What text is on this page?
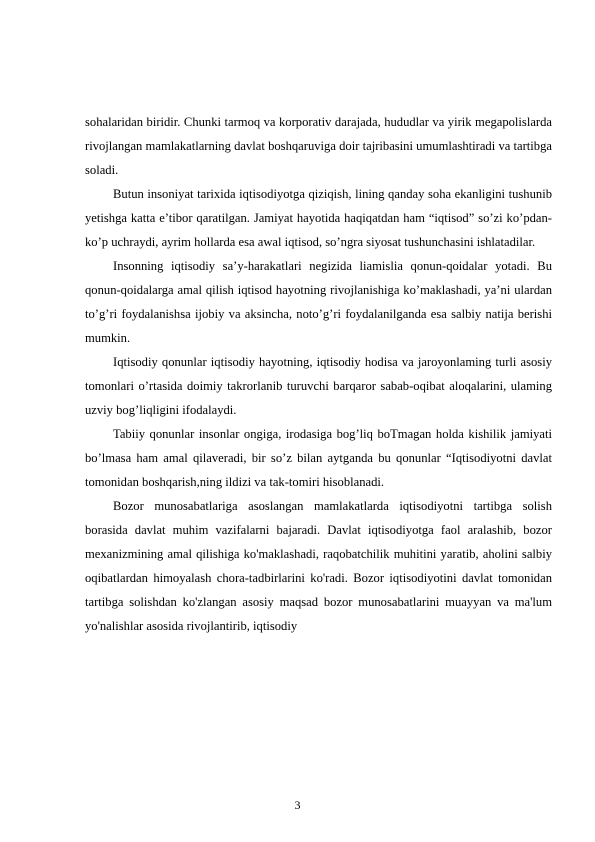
sohalaridan biridir. Chunki tarmoq va korporativ darajada, hududlar va yirik megapolislarda rivojlangan mamlakatlarning davlat boshqaruviga doir tajribasini umumlashtiradi va tartibga soladi.

Butun insoniyat tarixida iqtisodiyotga qiziqish, lining qanday soha ekanligini tushunib yetishga katta e’tibor qaratilgan. Jamiyat hayotida haqiqatdan ham “iqtisod” so’zi ko’pdan-ko’p uchraydi, ayrim hollarda esa awal iqtisod, so’ngra siyosat tushunchasini ishlatadilar.

Insonning iqtisodiy sa’y-harakatlari negizida liamislia qonun-qoidalar yotadi. Bu qonun-qoidalarga amal qilish iqtisod hayotning rivojlanishiga ko’maklashadi, ya’ni ulardan to’g’ri foydalanishsa ijobiy va aksincha, noto’g’ri foydalanilganda esa salbiy natija berishi mumkin.

Iqtisodiy qonunlar iqtisodiy hayotning, iqtisodiy hodisa va jaroyonlaming turli asosiy tomonlari o’rtasida doimiy takrorlanib turuvchi barqaror sabab-oqibat aloqalarini, ulaming uzviy bog’liqligini ifodalaydi.

Tabiiy qonunlar insonlar ongiga, irodasiga bog’liq boTmagan holda kishilik jamiyati bo’lmasa ham amal qilaveradi, bir so’z bilan aytganda bu qonunlar “Iqtisodiyotni davlat tomonidan boshqarish,ning ildizi va tak-tomiri hisoblanadi.

Bozor munosabatlariga asoslangan mamlakatlarda iqtisodiyotni tartibga solish borasida davlat muhim vazifalarni bajaradi. Davlat iqtisodiyotga faol aralashib, bozor mexanizmining amal qilishiga ko'maklashadi, raqobatchilik muhitini yaratib, aholini salbiy oqibatlardan himoyalash chora-tadbirlarini ko'radi. Bozor iqtisodiyotini davlat tomonidan tartibga solishdan ko'zlangan asosiy maqsad bozor munosabatlarini muayyan va ma'lum yo'nalishlar asosida rivojlantirib, iqtisodiy

3
